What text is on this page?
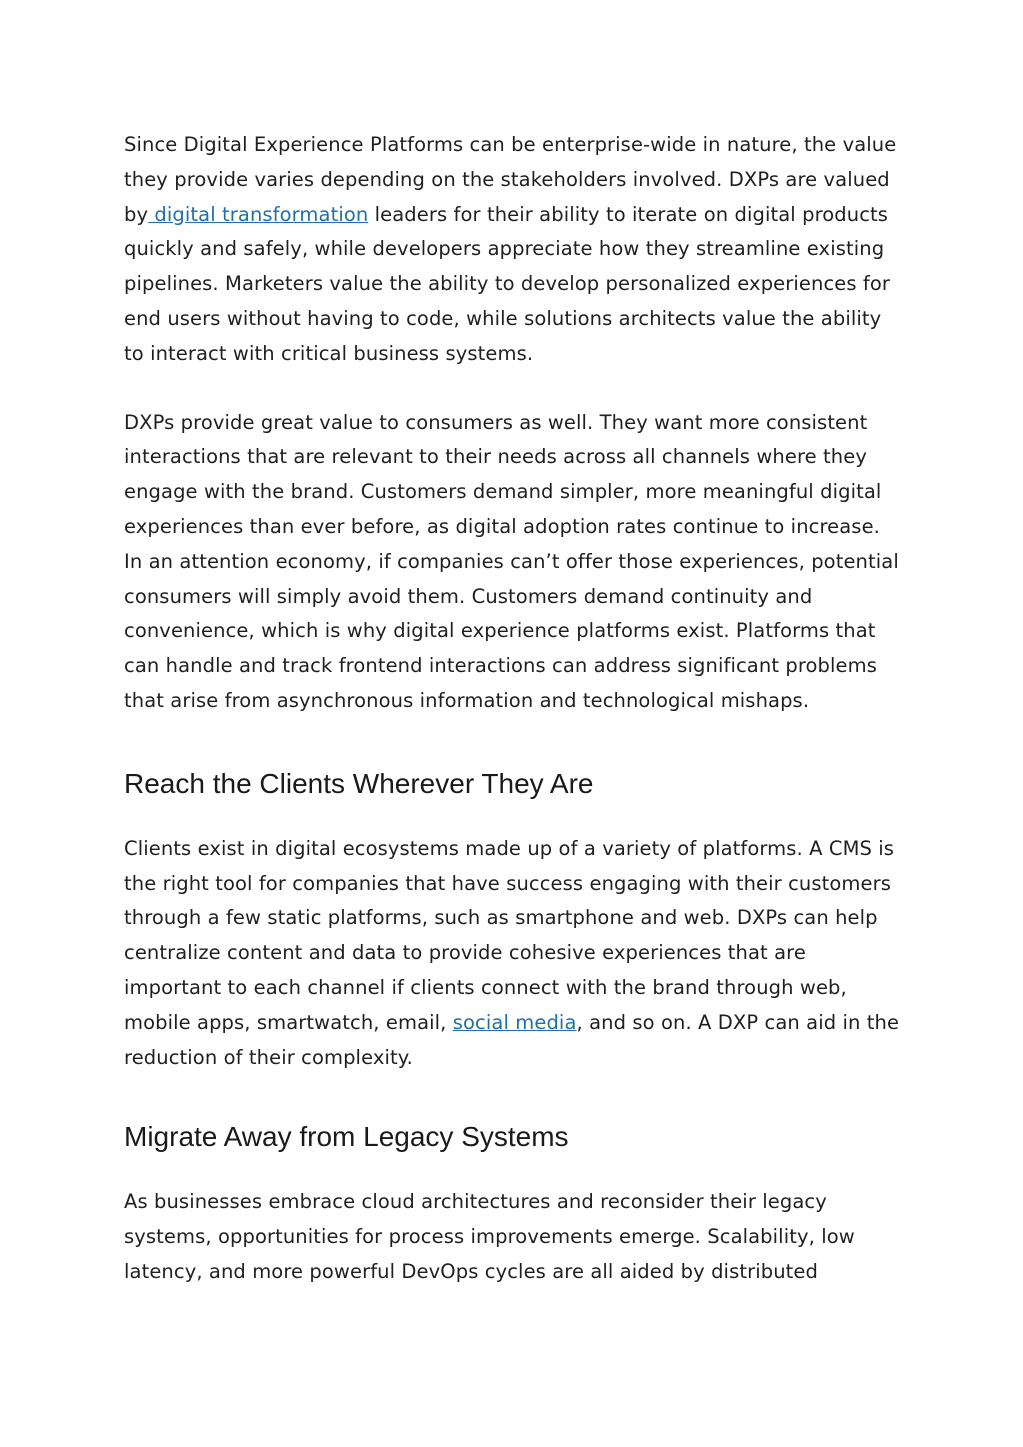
Since Digital Experience Platforms can be enterprise-wide in nature, the value they provide varies depending on the stakeholders involved. DXPs are valued by digital transformation leaders for their ability to iterate on digital products quickly and safely, while developers appreciate how they streamline existing pipelines. Marketers value the ability to develop personalized experiences for end users without having to code, while solutions architects value the ability to interact with critical business systems.

DXPs provide great value to consumers as well. They want more consistent interactions that are relevant to their needs across all channels where they engage with the brand. Customers demand simpler, more meaningful digital experiences than ever before, as digital adoption rates continue to increase. In an attention economy, if companies can’t offer those experiences, potential consumers will simply avoid them. Customers demand continuity and convenience, which is why digital experience platforms exist. Platforms that can handle and track frontend interactions can address significant problems that arise from asynchronous information and technological mishaps.

Reach the Clients Wherever They Are

Clients exist in digital ecosystems made up of a variety of platforms. A CMS is the right tool for companies that have success engaging with their customers through a few static platforms, such as smartphone and web. DXPs can help centralize content and data to provide cohesive experiences that are important to each channel if clients connect with the brand through web, mobile apps, smartwatch, email, social media, and so on. A DXP can aid in the reduction of their complexity.

Migrate Away from Legacy Systems

As businesses embrace cloud architectures and reconsider their legacy systems, opportunities for process improvements emerge. Scalability, low latency, and more powerful DevOps cycles are all aided by distributed
